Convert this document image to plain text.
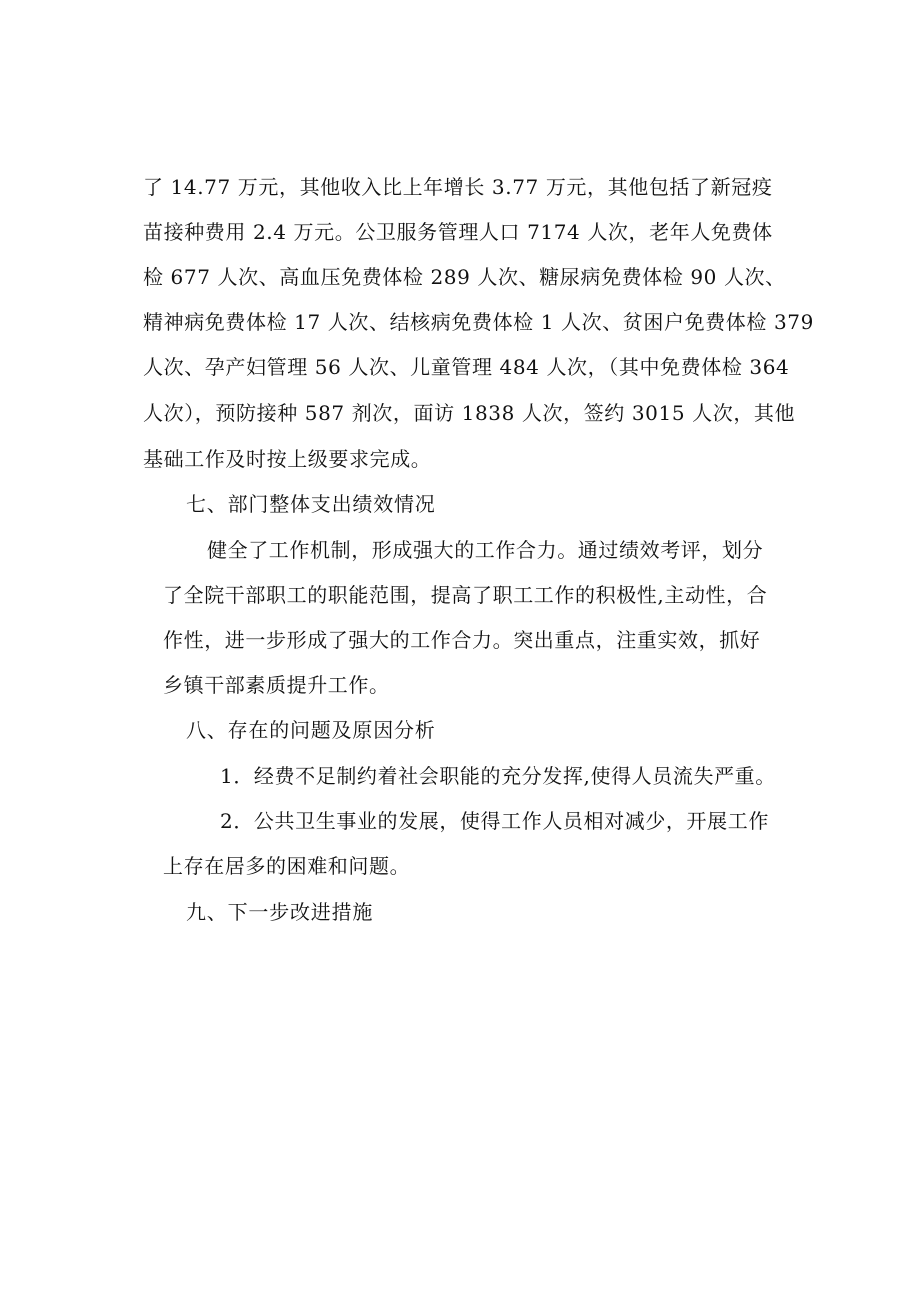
了 14.77 万元，其他收入比上年增长 3.77 万元，其他包括了新冠疫
苗接种费用 2.4 万元。公卫服务管理人口 7174 人次，老年人免费体
检 677 人次、高血压免费体检 289 人次、糖尿病免费体检 90 人次、
精神病免费体检 17 人次、结核病免费体检 1 人次、贫困户免费体检 379
人次、孕产妇管理 56 人次、儿童管理 484 人次，（其中免费体检 364
人次），预防接种 587 剂次，面访 1838 人次，签约 3015 人次，其他
基础工作及时按上级要求完成。
七、部门整体支出绩效情况
健全了工作机制，形成强大的工作合力。通过绩效考评，划分
了全院干部职工的职能范围，提高了职工工作的积极性,主动性，合
作性，进一步形成了强大的工作合力。突出重点，注重实效，抓好
乡镇干部素质提升工作。
八、存在的问题及原因分析
1．经费不足制约着社会职能的充分发挥,使得人员流失严重。
2．公共卫生事业的发展，使得工作人员相对减少，开展工作
上存在居多的困难和问题。
九、下一步改进措施
